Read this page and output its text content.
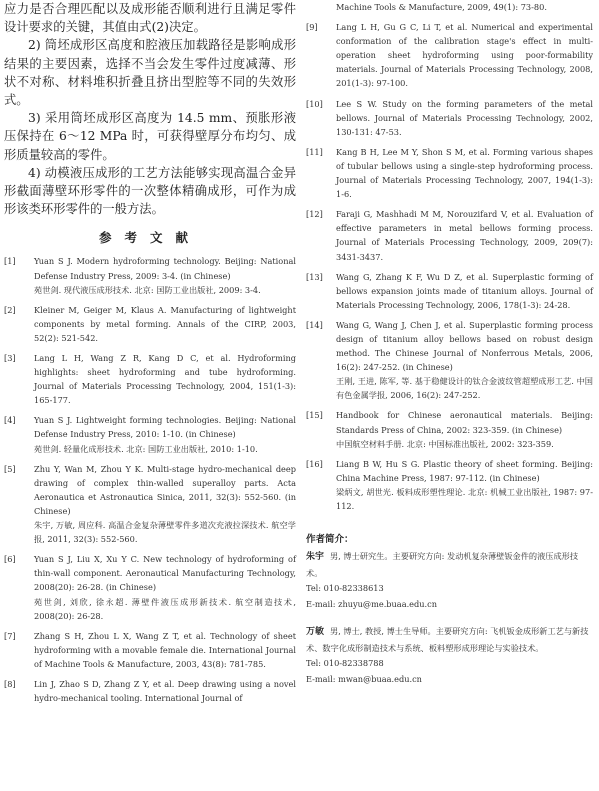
应力是否合理匹配以及成形能否顺利进行且满足零件设计要求的关键，其值由式(2)决定。

2) 筒坯成形区高度和腔液压加载路径是影响成形结果的主要因素，选择不当会发生零件过度减薄、形状不对称、材料堆积折叠且挤出型腔等不同的失效形式。

3) 采用筒坯成形区高度为 14.5 mm、预胀形液压保持在 6～12 MPa 时，可获得壁厚分布均匀、成形质量较高的零件。

4) 动模液压成形的工艺方法能够实现高温合金异形截面薄壁环形零件的一次整体精确成形，可作为成形该类环形零件的一般方法。

参考文献
[1]	Yuan S J. Modern hydroforming technology. Beijing: National Defense Industry Press, 2009: 3-4. (in Chinese)
苑世剑. 现代液压成形技术. 北京: 国防工业出版社, 2009: 3-4.
[2]	Kleiner M, Geiger M, Klaus A. Manufacturing of lightweight components by metal forming. Annals of the CIRP, 2003, 52(2): 521-542.
[3]	Lang L H, Wang Z R, Kang D C, et al. Hydroforming highlights: sheet hydroforming and tube hydroforming. Journal of Materials Processing Technology, 2004, 151(1-3): 165-177.
[4]	Yuan S J. Lightweight forming technologies. Beijing: National Defense Industry Press, 2010: 1-10. (in Chinese)
苑世剑. 轻量化成形技术. 北京: 国防工业出版社, 2010: 1-10.
[5]	Zhu Y, Wan M, Zhou Y K. Multi-stage hydro-mechanical deep drawing of complex thin-walled superalloy parts. Acta Aeronautica et Astronautica Sinica, 2011, 32(3): 552-560. (in Chinese)
朱宇, 万敏, 周应科. 高温合金复杂薄壁零件多道次充液拉深技术. 航空学报, 2011, 32(3): 552-560.
[6]	Yuan S J, Liu X, Xu Y C. New technology of hydroforming of thin-wall component. Aeronautical Manufacturing Technology, 2008(20): 26-28. (in Chinese)
苑世剑, 刘欣, 徐永超. 薄壁件液压成形新技术. 航空制造技术, 2008(20): 26-28.
[7]	Zhang S H, Zhou L X, Wang Z T, et al. Technology of sheet hydroforming with a movable female die. International Journal of Machine Tools & Manufacture, 2003, 43(8): 781-785.
[8]	Lin J, Zhao S D, Zhang Z Y, et al. Deep drawing using a novel hydro-mechanical tooling. International Journal of
Machine Tools & Manufacture, 2009, 49(1): 73-80.
[9]	Lang L H, Gu G C, Li T, et al. Numerical and experimental conformation of the calibration stage's effect in multi-operation sheet hydroforming using poor-formability materials. Journal of Materials Processing Technology, 2008, 201(1-3): 97-100.
[10]	Lee S W. Study on the forming parameters of the metal bellows. Journal of Materials Processing Technology, 2002, 130-131: 47-53.
[11]	Kang B H, Lee M Y, Shon S M, et al. Forming various shapes of tubular bellows using a single-step hydroforming process. Journal of Materials Processing Technology, 2007, 194(1-3): 1-6.
[12]	Faraji G, Mashhadi M M, Norouzifard V, et al. Evaluation of effective parameters in metal bellows forming process. Journal of Materials Processing Technology, 2009, 209(7): 3431-3437.
[13]	Wang G, Zhang K F, Wu D Z, et al. Superplastic forming of bellows expansion joints made of titanium alloys. Journal of Materials Processing Technology, 2006, 178(1-3): 24-28.
[14]	Wang G, Wang J, Chen J, et al. Superplastic forming process design of titanium alloy bellows based on robust design method. The Chinese Journal of Nonferrous Metals, 2006, 16(2): 247-252. (in Chinese)
王刚, 王进, 陈军, 等. 基于稳健设计的钛合金波纹管超塑成形工艺. 中国有色金属学报, 2006, 16(2): 247-252.
[15]	Handbook for Chinese aeronautical materials. Beijing: Standards Press of China, 2002: 323-359. (in Chinese)
中国航空材料手册. 北京: 中国标准出版社, 2002: 323-359.
[16]	Liang B W, Hu S G. Plastic theory of sheet forming. Beijing: China Machine Press, 1987: 97-112. (in Chinese)
梁炳文, 胡世光. 板料成形塑性理论. 北京: 机械工业出版社, 1987: 97-112.
作者简介：
朱宇 男, 博士研究生。主要研究方向: 发动机复杂薄壁钣金件的液压成形技术。
Tel: 010-82338613
E-mail: zhuyu@me.buaa.edu.cn
万敏 男, 博士, 教授, 博士生导师。主要研究方向: 飞机钣金成形新工艺与新技术、数字化成形制造技术与系统、板料塑形成形理论与实验技术。
Tel: 010-82338788
E-mail: mwan@buaa.edu.cn
